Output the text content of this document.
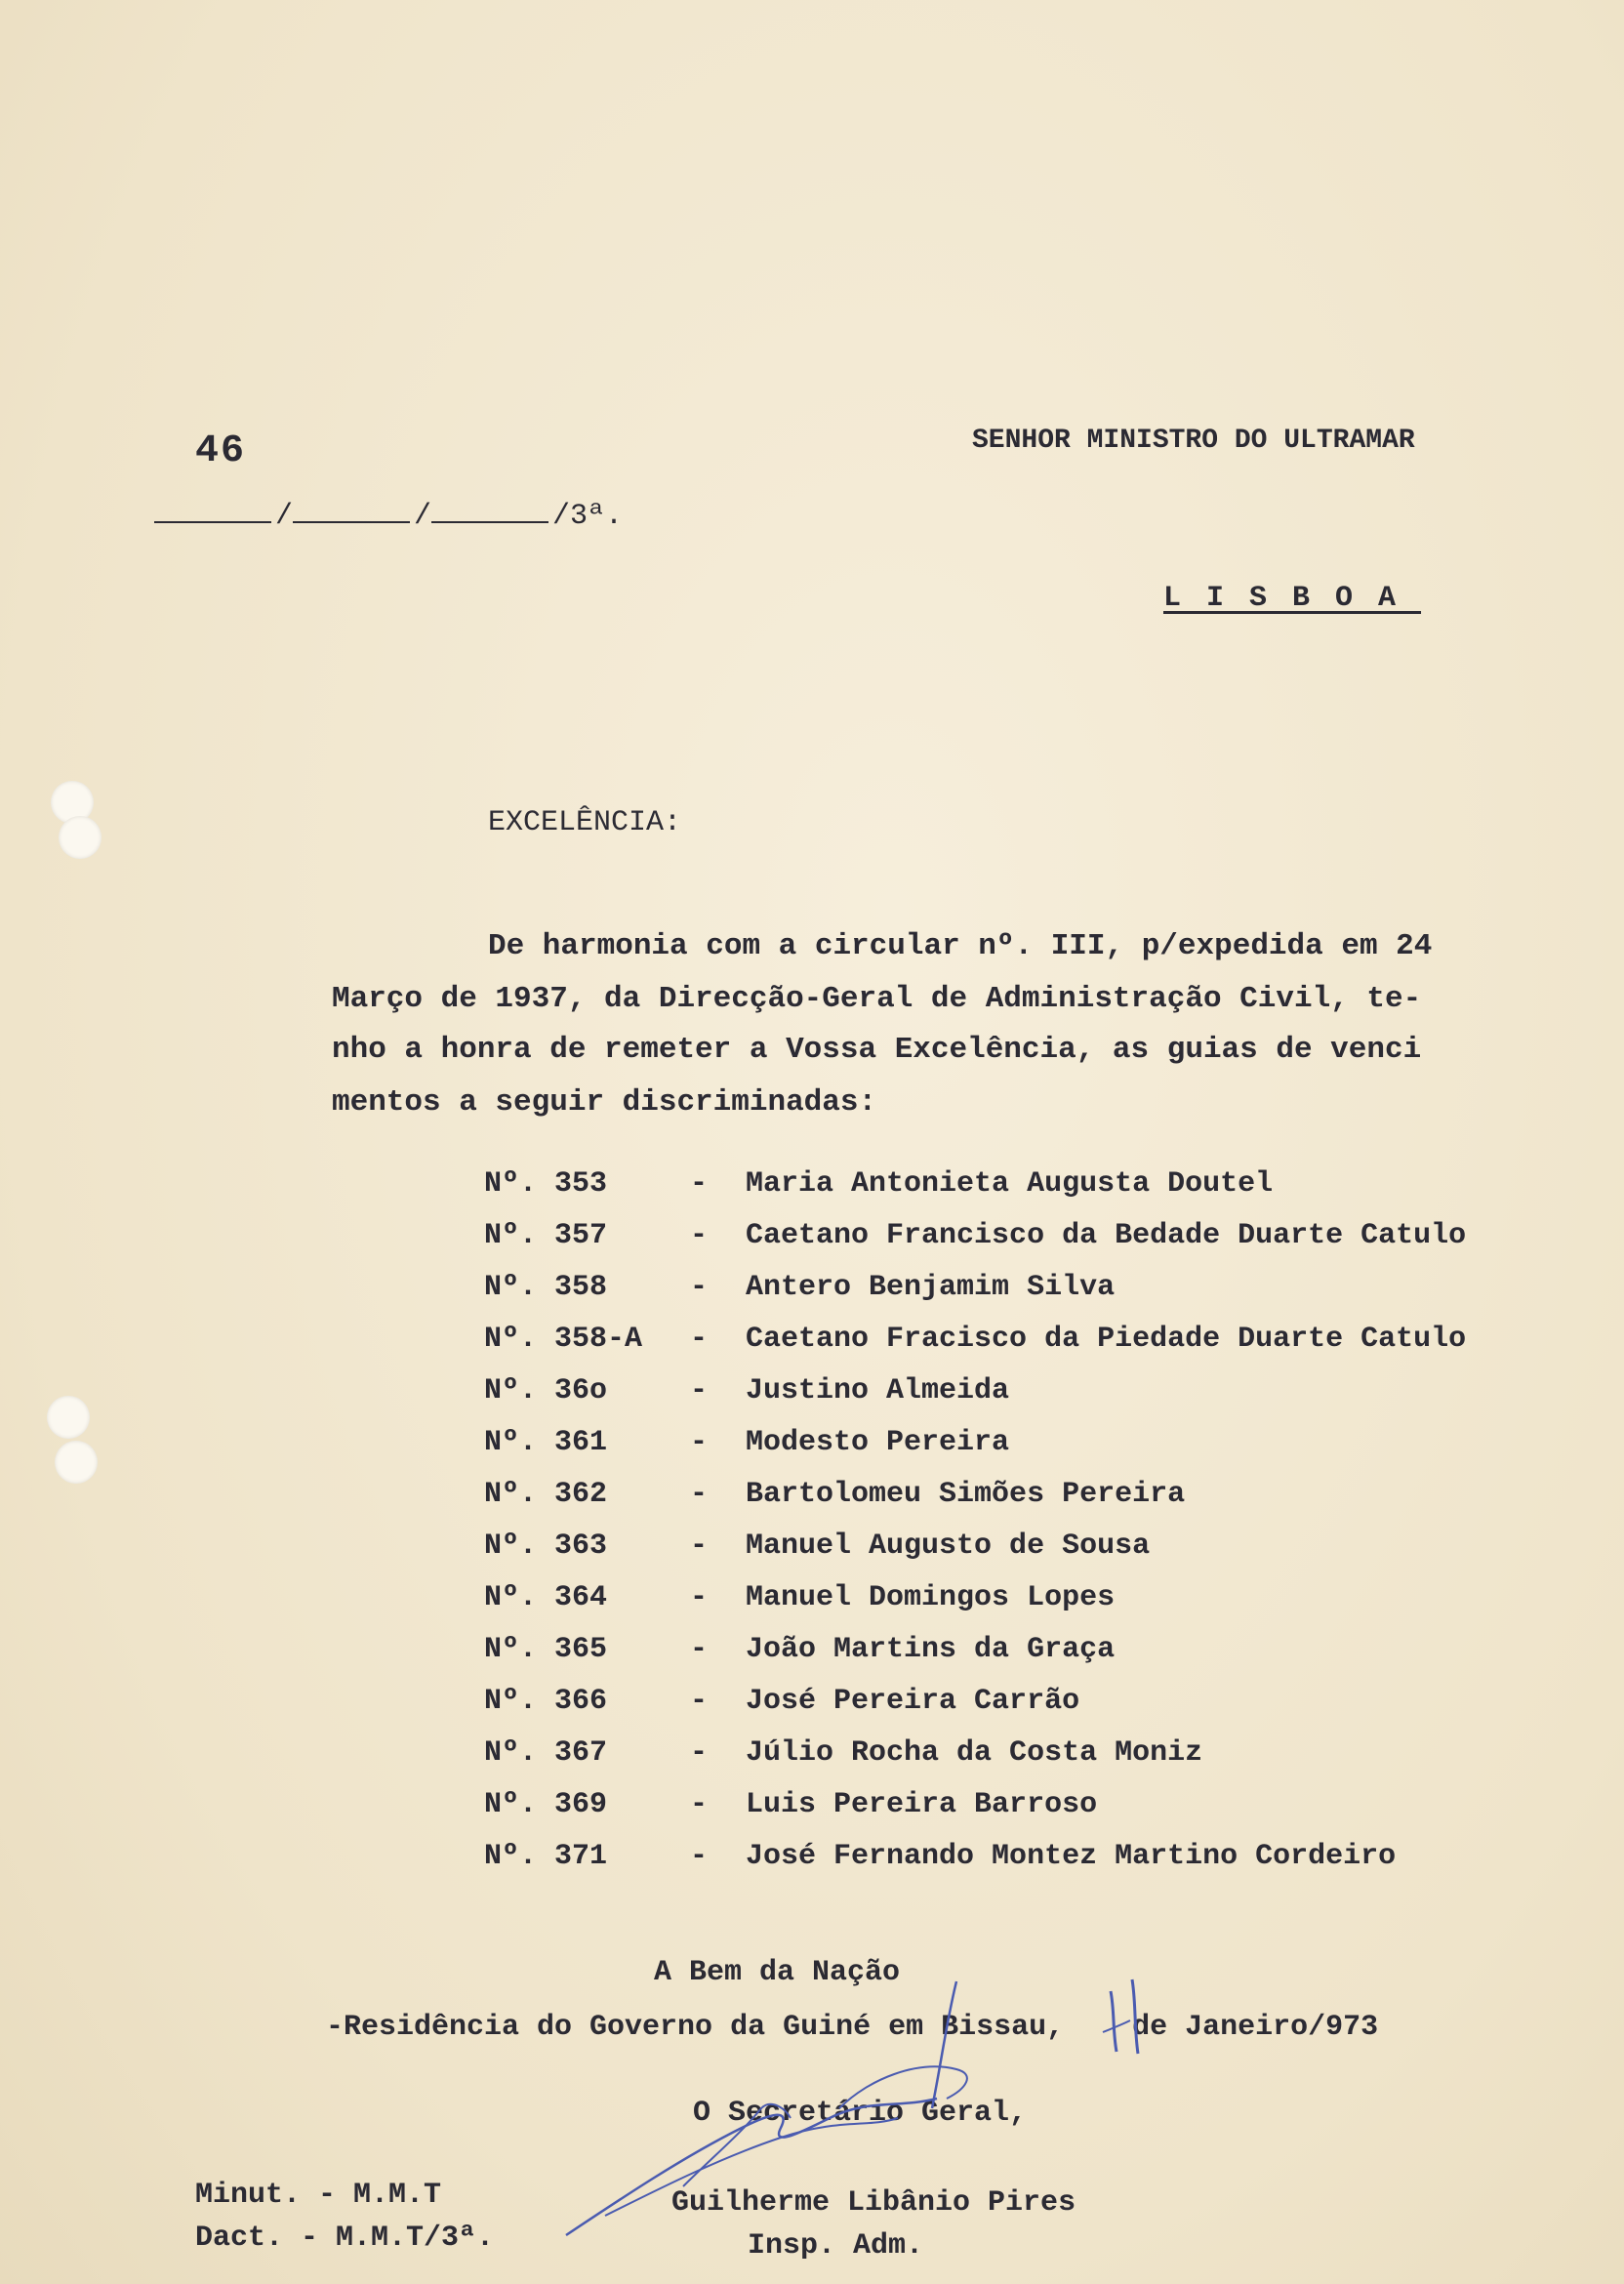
46
/	/	/3ª.
SENHOR MINISTRO DO ULTRAMAR
LISBOA
EXCELÊNCIA:
De harmonia com a circular nº. III, p/expedida em 24
Março de 1937, da Direcção-Geral de Administração Civil, te-
nho a honra de remeter a Vossa Excelência, as guias de venci
mentos a seguir discriminadas:
Nº. 353	- Maria Antonieta Augusta Doutel
Nº. 357	- Caetano Francisco da Bedade Duarte Catulo
Nº. 358	- Antero Benjamim Silva
Nº. 358-A - Caetano Fracisco da Piedade Duarte Catulo
Nº. 36o	- Justino Almeida
Nº. 361	- Modesto Pereira
Nº. 362	- Bartolomeu Simões Pereira
Nº. 363	- Manuel Augusto de Sousa
Nº. 364	- Manuel Domingos Lopes
Nº. 365	- João Martins da Graça
Nº. 366	- José Pereira Carrão
Nº. 367	- Júlio Rocha da Costa Moniz
Nº. 369	- Luis Pereira Barroso
Nº. 371	- José Fernando Montez Martino Cordeiro
A Bem da Nação
-Residência do Governo da Guiné em Bissau, de Janeiro/973
O Secretário Geral,
Guilherme Libânio Pires
Insp. Adm.
Minut. - M.M.T
Dact. - M.M.T/3ª.
